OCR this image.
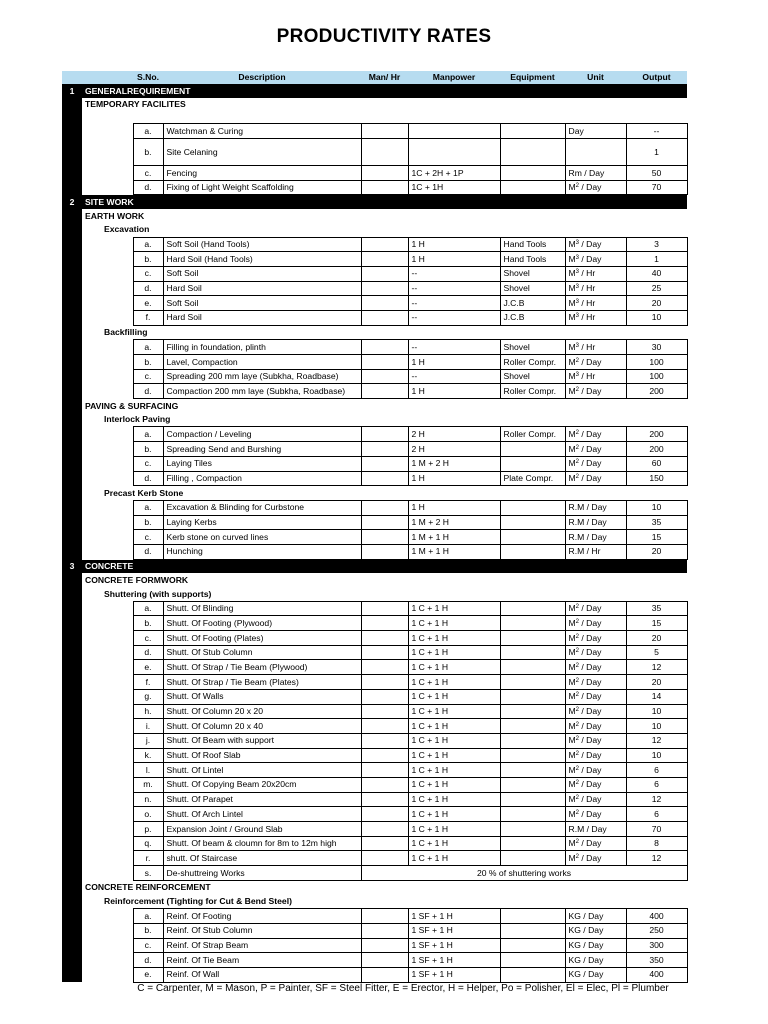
PRODUCTIVITY RATES
		S.No.	Description	Man/ Hr	Manpower	Equipment	Unit	Output	
1	GENERALREQUIREMENT								
	TEMPORARY FACILITES								

		a.	Watchman & Curing				Day	--	
		b.	Site Celaning					1	
		c.	Fencing		1C + 2H + 1P		Rm / Day	50	
		d.	Fixing of Light Weight Scaffolding		1C + 1H		$M^2$ / Day	70	
2	SITE WORK								
	EARTH WORK								
	Excavation								
		a.	Soft Soil (Hand Tools)		1 H	Hand Tools	$M^3$ / Day	3	
		b.	Hard Soil (Hand Tools)		1 H	Hand Tools	$M^3$ / Day	1	
		c.	Soft Soil		--	Shovel	$M^3$ / Hr	40	
		d.	Hard Soil		--	Shovel	$M^3$ / Hr	25	
		e.	Soft Soil		--	J.C.B	$M^3$ / Hr	20	
		f.	Hard Soil		--	J.C.B	$M^3$ / Hr	10	
	Backfilling								
		a.	Filling in foundation, plinth		--	Shovel	$M^3$ / Hr	30	
		b.	Lavel, Compaction		1 H	Roller Compr.	$M^2$ / Day	100	
		c.	Spreading 200 mm laye (Subkha, Roadbase)		--	Shovel	$M^3$ / Hr	100	
		d.	Compaction 200 mm laye (Subkha, Roadbase)		1 H	Roller Compr.	$M^2$ / Day	200	
	PAVING & SURFACING								
	Interlock Paving								
		a.	Compaction / Leveling		2 H	Roller Compr.	$M^2$ / Day	200	
		b.	Spreading Send and Burshing		2 H		$M^2$ / Day	200	
		c.	Laying Tiles		1 M + 2 H		$M^2$ / Day	60	
		d.	Filling , Compaction		1 H	Plate Compr.	$M^2$ / Day	150	
	Precast Kerb Stone								
		a.	Excavation & Blinding for Curbstone		1 H		R.M / Day	10	
		b.	Laying Kerbs		1 M + 2 H		R.M / Day	35	
		c.	Kerb stone on curved lines		1 M + 1 H		R.M / Day	15	
		d.	Hunching		1 M + 1 H		R.M / Hr	20	
3	CONCRETE								
	CONCRETE FORMWORK								
	Shuttering (with supports)								
		a.	Shutt. Of Blinding		1 C + 1 H		$M^2$ / Day	35	
		b.	Shutt. Of Footing (Plywood)		1 C + 1 H		$M^2$ / Day	15	
		c.	Shutt. Of Footing (Plates)		1 C + 1 H		$M^2$ / Day	20	
		d.	Shutt. Of Stub Column		1 C + 1 H		$M^2$ / Day	5	
		e.	Shutt. Of Strap / Tie Beam (Plywood)		1 C + 1 H		$M^2$ / Day	12	
		f.	Shutt. Of Strap / Tie Beam (Plates)		1 C + 1 H		$M^2$ / Day	20	
		g.	Shutt. Of Walls		1 C + 1 H		$M^2$ / Day	14	
		h.	Shutt. Of Column 20 x 20		1 C + 1 H		$M^2$ / Day	10	
		i.	Shutt. Of Column 20 x 40		1 C + 1 H		$M^2$ / Day	10	
		j.	Shutt. Of Beam with support		1 C + 1 H		$M^2$ / Day	12	
		k.	Shutt. Of Roof Slab		1 C + 1 H		$M^2$ / Day	10	
		l.	Shutt. Of Lintel		1 C + 1 H		$M^2$ / Day	6	
		m.	Shutt. Of Copying Beam 20x20cm		1 C + 1 H		$M^2$ / Day	6	
		n.	Shutt. Of Parapet		1 C + 1 H		$M^2$ / Day	12	
		o.	Shutt. Of Arch Lintel		1 C + 1 H		$M^2$ / Day	6	
		p.	Expansion Joint / Ground Slab		1 C + 1 H		R.M / Day	70	
		q.	Shutt. Of beam & cloumn for 8m to 12m high		1 C + 1 H		$M^2$ / Day	8	
		r.	shutt. Of Staircase		1 C + 1 H		$M^2$ / Day	12	
		s.	De-shuttreing Works	20 % of shuttering works					
	CONCRETE REINFORCEMENT								
	Reinforcement (Tighting for Cut & Bend Steel)								
		a.	Reinf. Of Footing		1 SF + 1 H		KG / Day	400	
		b.	Reinf. Of Stub Column		1 SF + 1 H		KG / Day	250	
		c.	Reinf. Of Strap Beam		1 SF + 1 H		KG / Day	300	
		d.	Reinf. Of Tie Beam		1 SF + 1 H		KG / Day	350	
		e.	Reinf. Of Wall		1 SF + 1 H		KG / Day	400	
C = Carpenter, M = Mason, P = Painter, SF = Steel Fitter, E = Erector, H = Helper, Po = Polisher, El = Elec, Pl = Plumber
